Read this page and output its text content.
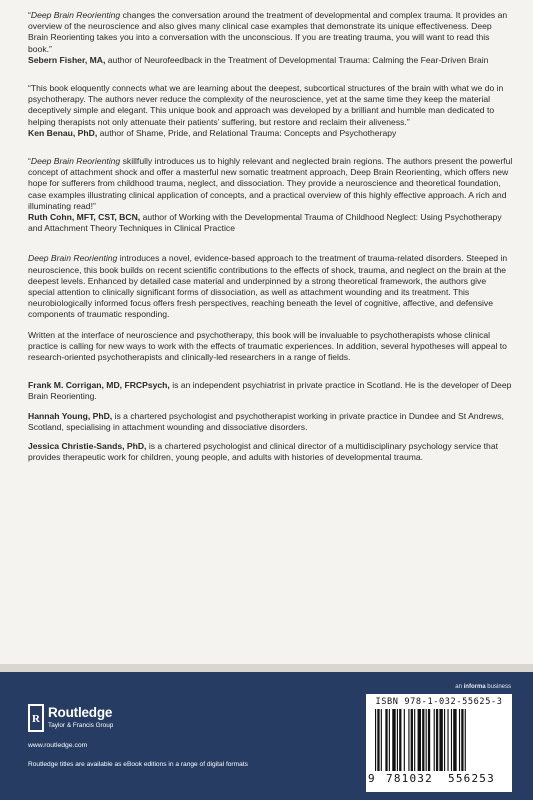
“Deep Brain Reorienting changes the conversation around the treatment of developmental and complex trauma. It provides an overview of the neuroscience and also gives many clinical case examples that demonstrate its unique effectiveness. Deep Brain Reorienting takes you into a conversation with the unconscious. If you are treating trauma, you will want to read this book.”

Sebern Fisher, MA, author of Neurofeedback in the Treatment of Developmental Trauma: Calming the Fear-Driven Brain

“This book eloquently connects what we are learning about the deepest, subcortical structures of the brain with what we do in psychotherapy. The authors never reduce the complexity of the neuroscience, yet at the same time they keep the material deceptively simple and elegant. This unique book and approach was developed by a brilliant and humble man dedicated to helping therapists not only attenuate their patients’ suffering, but restore and reclaim their aliveness.”

Ken Benau, PhD, author of Shame, Pride, and Relational Trauma: Concepts and Psychotherapy

“Deep Brain Reorienting skillfully introduces us to highly relevant and neglected brain regions. The authors present the powerful concept of attachment shock and offer a masterful new somatic treatment approach, Deep Brain Reorienting, which offers new hope for sufferers from childhood trauma, neglect, and dissociation. They provide a neuroscience and theoretical foundation, case examples illustrating clinical application of concepts, and a practical overview of this highly effective approach. A rich and illuminating read!”

Ruth Cohn, MFT, CST, BCN, author of Working with the Developmental Trauma of Childhood Neglect: Using Psychotherapy and Attachment Theory Techniques in Clinical Practice

Deep Brain Reorienting introduces a novel, evidence-based approach to the treatment of trauma-related disorders. Steeped in neuroscience, this book builds on recent scientific contributions to the effects of shock, trauma, and neglect on the brain at the deepest levels. Enhanced by detailed case material and underpinned by a strong theoretical framework, the authors give special attention to clinically significant forms of dissociation, as well as attachment wounding and its treatment. This neurobiologically informed focus offers fresh perspectives, reaching beneath the level of cognitive, affective, and defensive components of traumatic responding.

Written at the interface of neuroscience and psychotherapy, this book will be invaluable to psychotherapists whose clinical practice is calling for new ways to work with the effects of traumatic experiences. In addition, several hypotheses will appeal to research-oriented psychotherapists and clinically-led researchers in a range of fields.

Frank M. Corrigan, MD, FRCPsych, is an independent psychiatrist in private practice in Scotland. He is the developer of Deep Brain Reorienting.

Hannah Young, PhD, is a chartered psychologist and psychotherapist working in private practice in Dundee and St Andrews, Scotland, specialising in attachment wounding and dissociative disorders.

Jessica Christie-Sands, PhD, is a chartered psychologist and clinical director of a multidisciplinary psychology service that provides therapeutic work for children, young people, and adults with histories of developmental trauma.

an informa business
R Routledge
Taylor & Francis Group
www.routledge.com
Routledge titles are available as eBook editions in a range of digital formats
ISBN 978-1-032-55625-3
9 781032 556253
